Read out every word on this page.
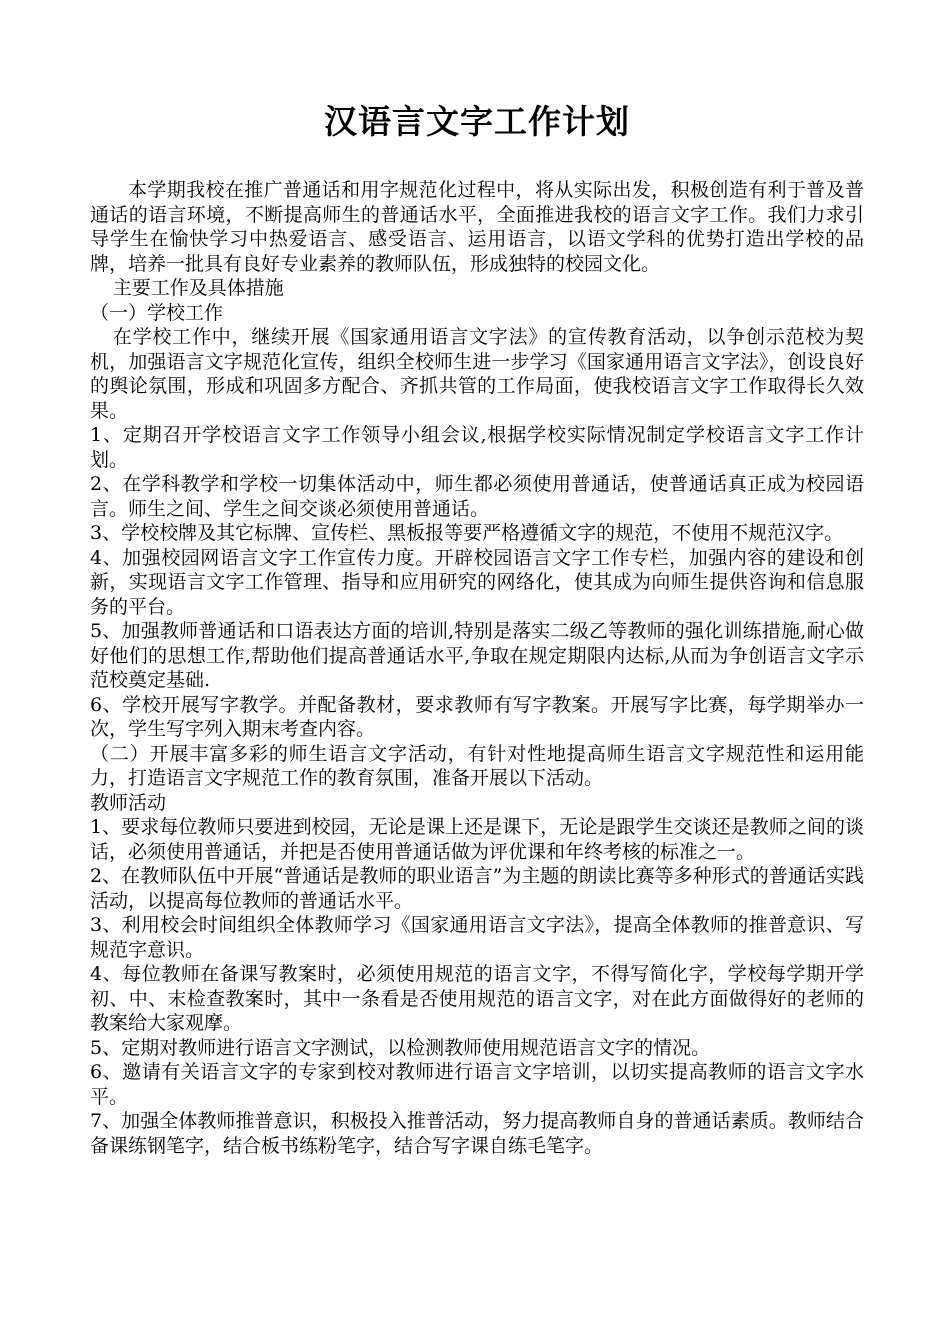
汉语言文字工作计划

本学期我校在推广普通话和用字规范化过程中，将从实际出发，积极创造有利于普及普通话的语言环境，不断提高师生的普通话水平，全面推进我校的语言文字工作。我们力求引导学生在愉快学习中热爱语言、感受语言、运用语言，以语文学科的优势打造出学校的品牌，培养一批具有良好专业素养的教师队伍，形成独特的校园文化。

主要工作及具体措施

（一）学校工作

在学校工作中，继续开展《国家通用语言文字法》的宣传教育活动，以争创示范校为契机，加强语言文字规范化宣传，组织全校师生进一步学习《国家通用语言文字法》，创设良好的舆论氛围，形成和巩固多方配合、齐抓共管的工作局面，使我校语言文字工作取得长久效果。

1、定期召开学校语言文字工作领导小组会议,根据学校实际情况制定学校语言文字工作计划。

2、在学科教学和学校一切集体活动中，师生都必须使用普通话，使普通话真正成为校园语言。师生之间、学生之间交谈必须使用普通话。

3、学校校牌及其它标牌、宣传栏、黑板报等要严格遵循文字的规范，不使用不规范汉字。

4、加强校园网语言文字工作宣传力度。开辟校园语言文字工作专栏，加强内容的建设和创新，实现语言文字工作管理、指导和应用研究的网络化，使其成为向师生提供咨询和信息服务的平台。

5、加强教师普通话和口语表达方面的培训,特别是落实二级乙等教师的强化训练措施,耐心做好他们的思想工作,帮助他们提高普通话水平,争取在规定期限内达标,从而为争创语言文字示范校奠定基础.

6、学校开展写字教学。并配备教材，要求教师有写字教案。开展写字比赛，每学期举办一次，学生写字列入期末考查内容。

（二）开展丰富多彩的师生语言文字活动，有针对性地提高师生语言文字规范性和运用能力，打造语言文字规范工作的教育氛围，准备开展以下活动。

教师活动

1、要求每位教师只要进到校园，无论是课上还是课下，无论是跟学生交谈还是教师之间的谈话，必须使用普通话，并把是否使用普通话做为评优课和年终考核的标准之一。

2、在教师队伍中开展“普通话是教师的职业语言”为主题的朗读比赛等多种形式的普通话实践活动，以提高每位教师的普通话水平。

3、利用校会时间组织全体教师学习《国家通用语言文字法》，提高全体教师的推普意识、写规范字意识。

4、每位教师在备课写教案时，必须使用规范的语言文字，不得写简化字，学校每学期开学初、中、末检查教案时，其中一条看是否使用规范的语言文字，对在此方面做得好的老师的教案给大家观摩。

5、定期对教师进行语言文字测试，以检测教师使用规范语言文字的情况。

6、邀请有关语言文字的专家到校对教师进行语言文字培训，以切实提高教师的语言文字水平。

7、加强全体教师推普意识，积极投入推普活动，努力提高教师自身的普通话素质。教师结合备课练钢笔字，结合板书练粉笔字，结合写字课自练毛笔字。
